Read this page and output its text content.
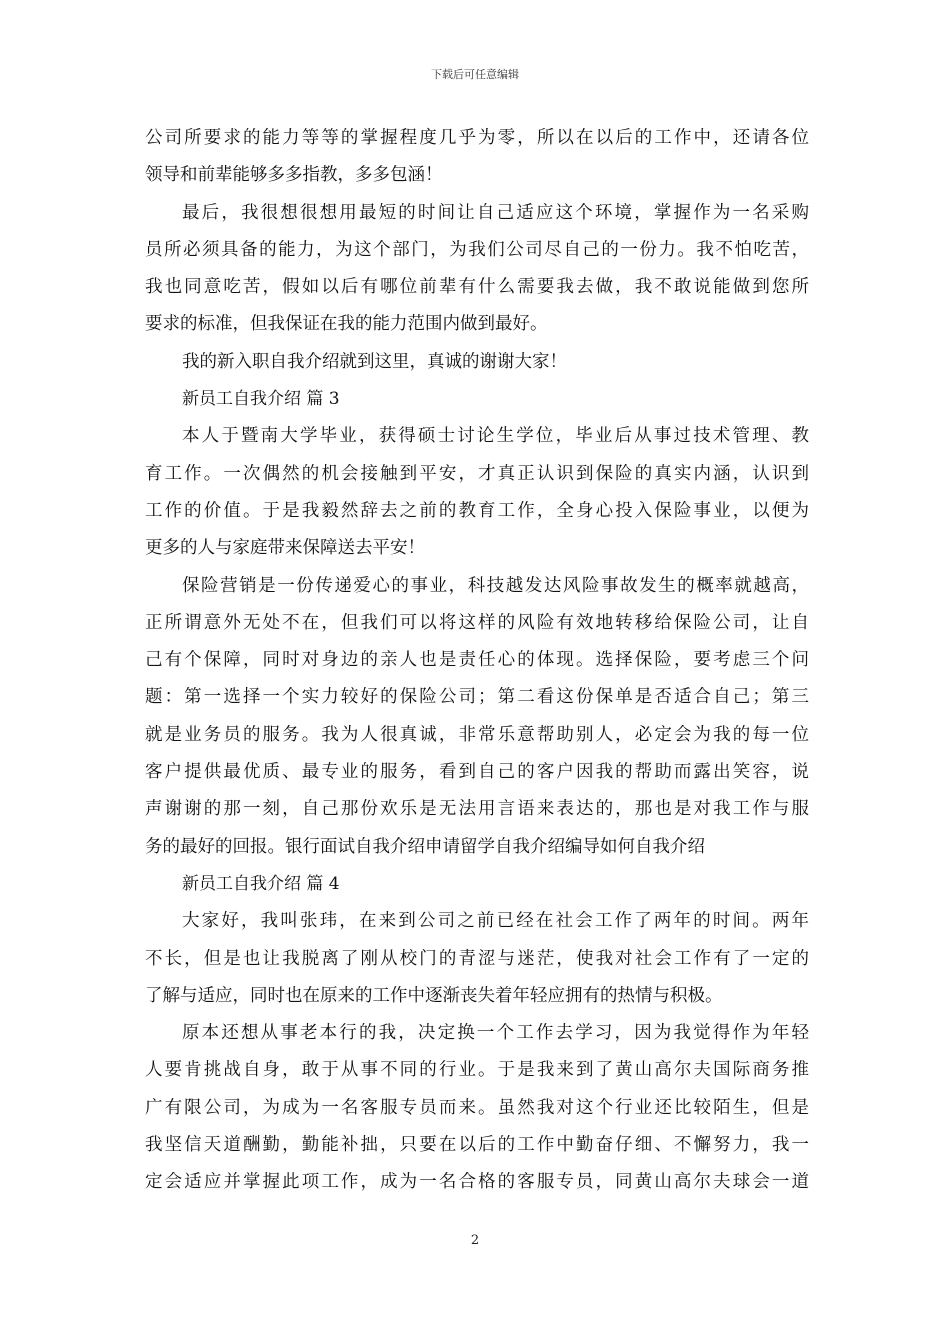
下载后可任意编辑
公司所要求的能力等等的掌握程度几乎为零，所以在以后的工作中，还请各位
领导和前辈能够多多指教，多多包涵！
最后，我很想很想用最短的时间让自己适应这个环境，掌握作为一名采购
员所必须具备的能力，为这个部门，为我们公司尽自己的一份力。我不怕吃苦，
我也同意吃苦，假如以后有哪位前辈有什么需要我去做，我不敢说能做到您所
要求的标准，但我保证在我的能力范围内做到最好。
我的新入职自我介绍就到这里，真诚的谢谢大家！
新员工自我介绍 篇 3
本人于暨南大学毕业，获得硕士讨论生学位，毕业后从事过技术管理、教
育工作。一次偶然的机会接触到平安，才真正认识到保险的真实内涵，认识到
工作的价值。于是我毅然辞去之前的教育工作，全身心投入保险事业，以便为
更多的人与家庭带来保障送去平安！
保险营销是一份传递爱心的事业，科技越发达风险事故发生的概率就越高，
正所谓意外无处不在，但我们可以将这样的风险有效地转移给保险公司，让自
己有个保障，同时对身边的亲人也是责任心的体现。选择保险，要考虑三个问
题：第一选择一个实力较好的保险公司；第二看这份保单是否适合自己；第三
就是业务员的服务。我为人很真诚，非常乐意帮助别人，必定会为我的每一位
客户提供最优质、最专业的服务，看到自己的客户因我的帮助而露出笑容，说
声谢谢的那一刻，自己那份欢乐是无法用言语来表达的，那也是对我工作与服
务的最好的回报。银行面试自我介绍申请留学自我介绍编导如何自我介绍
新员工自我介绍 篇 4
大家好，我叫张玮，在来到公司之前已经在社会工作了两年的时间。两年
不长，但是也让我脱离了刚从校门的青涩与迷茫，使我对社会工作有了一定的
了解与适应，同时也在原来的工作中逐渐丧失着年轻应拥有的热情与积极。
原本还想从事老本行的我，决定换一个工作去学习，因为我觉得作为年轻
人要肯挑战自身，敢于从事不同的行业。于是我来到了黄山高尔夫国际商务推
广有限公司，为成为一名客服专员而来。虽然我对这个行业还比较陌生，但是
我坚信天道酬勤，勤能补拙，只要在以后的工作中勤奋仔细、不懈努力，我一
定会适应并掌握此项工作，成为一名合格的客服专员，同黄山高尔夫球会一道
2
